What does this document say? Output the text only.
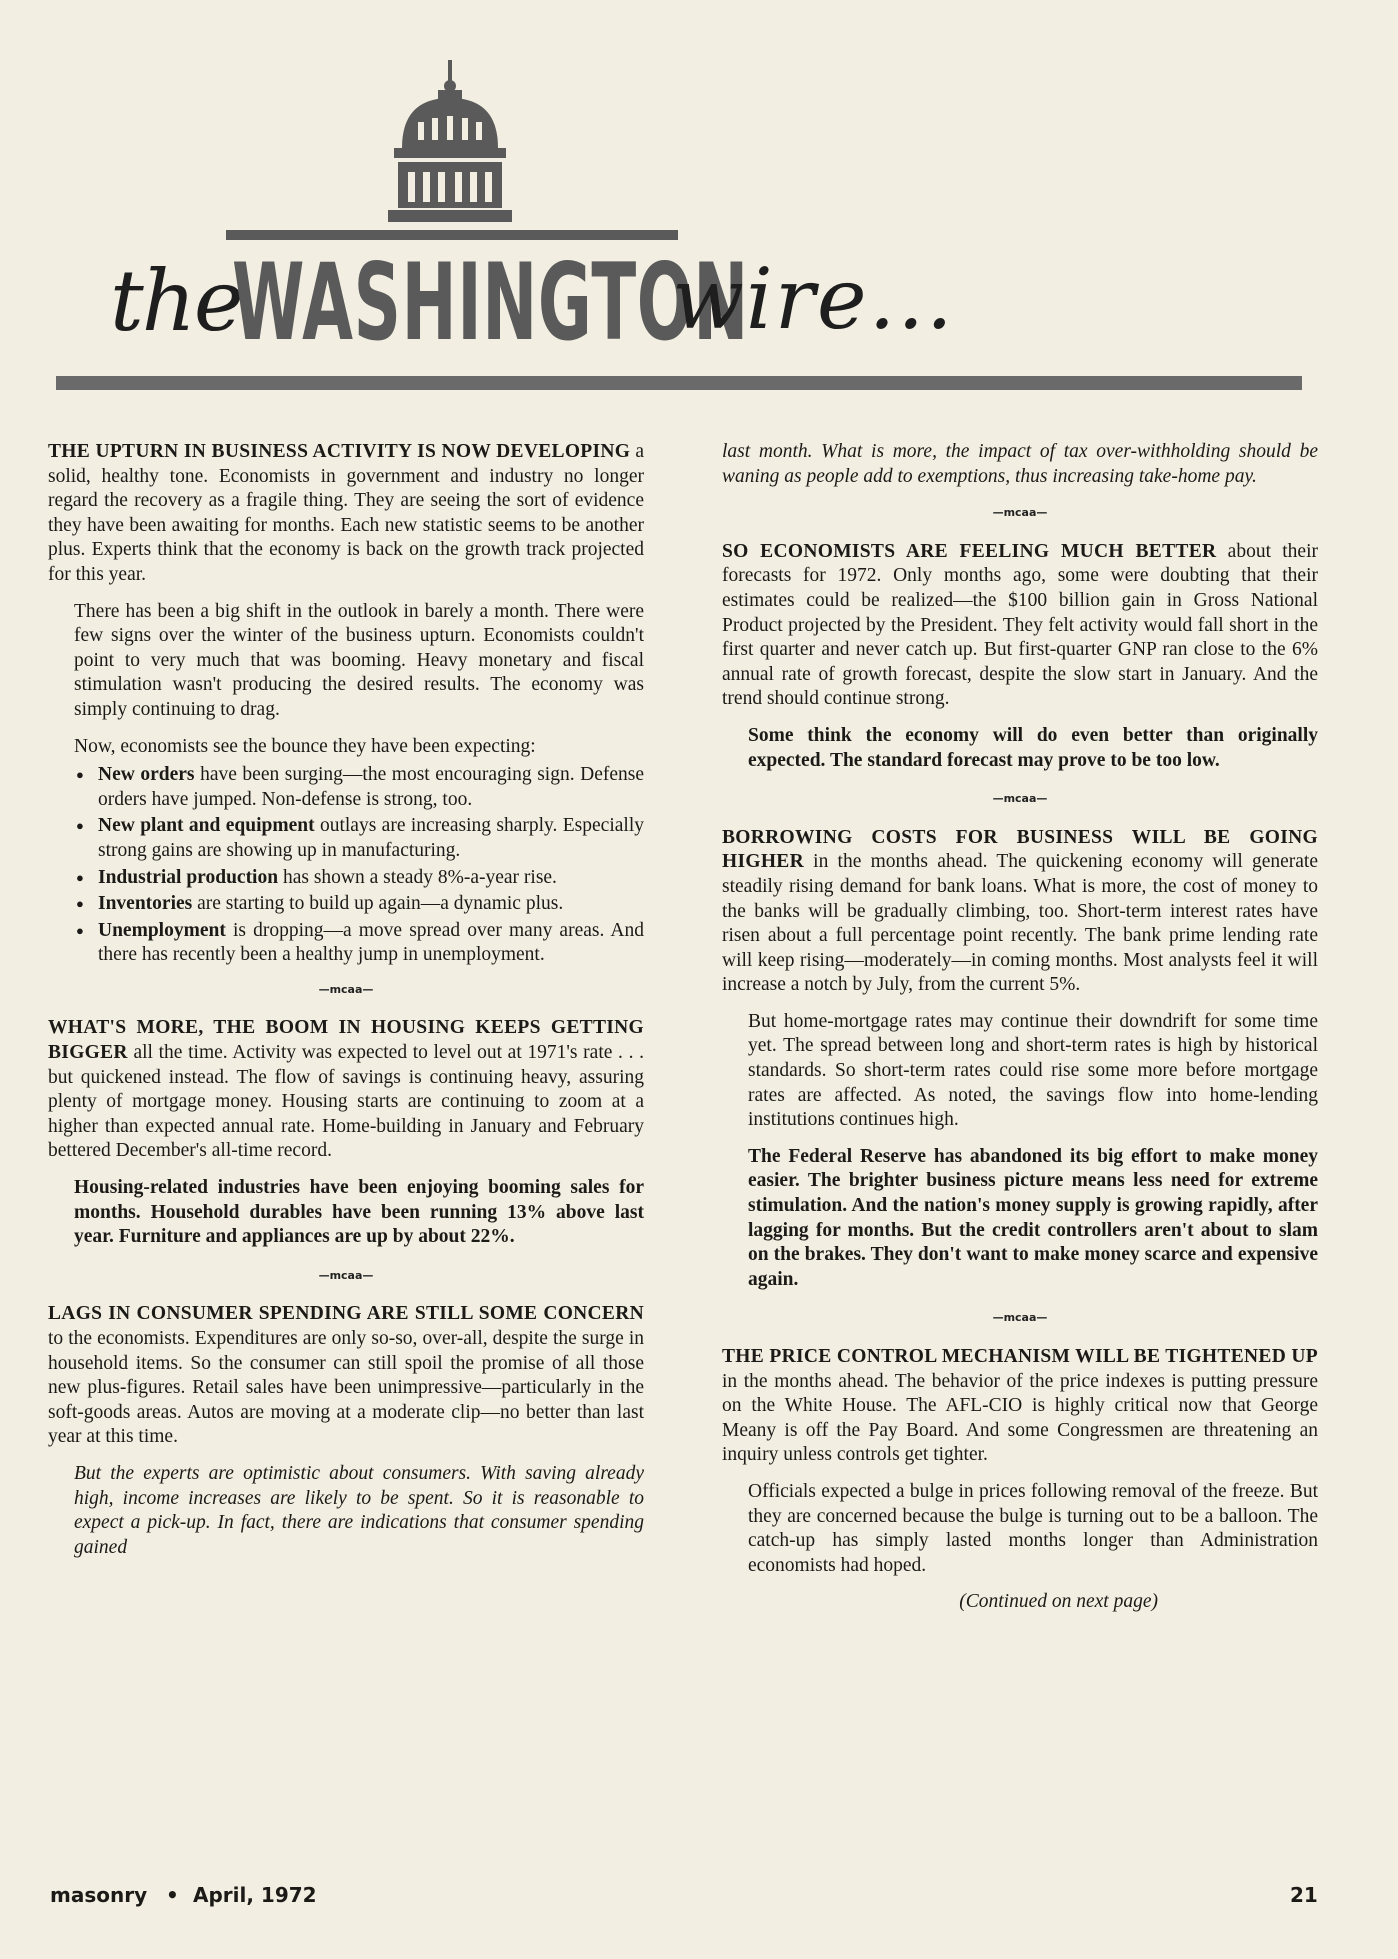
the
WASHINGTON
wire...

THE UPTURN IN BUSINESS ACTIVITY IS NOW DEVELOPING a solid, healthy tone. Economists in government and industry no longer regard the recovery as a fragile thing. They are seeing the sort of evidence they have been awaiting for months. Each new statistic seems to be another plus. Experts think that the economy is back on the growth track projected for this year.

There has been a big shift in the outlook in barely a month. There were few signs over the winter of the business upturn. Economists couldn't point to very much that was booming. Heavy monetary and fiscal stimulation wasn't producing the desired results. The economy was simply continuing to drag.

Now, economists see the bounce they have been expecting:

● New orders have been surging—the most encouraging sign. Defense orders have jumped. Non-defense is strong, too.
● New plant and equipment outlays are increasing sharply. Especially strong gains are showing up in manufacturing.
● Industrial production has shown a steady 8%-a-year rise.
● Inventories are starting to build up again—a dynamic plus.
● Unemployment is dropping—a move spread over many areas. And there has recently been a healthy jump in unemployment.
—mcaa—

WHAT'S MORE, THE BOOM IN HOUSING KEEPS GETTING BIGGER all the time. Activity was expected to level out at 1971's rate . . . but quickened instead. The flow of savings is continuing heavy, assuring plenty of mortgage money. Housing starts are continuing to zoom at a higher than expected annual rate. Home-building in January and February bettered December's all-time record.

Housing-related industries have been enjoying booming sales for months. Household durables have been running 13% above last year. Furniture and appliances are up by about 22%.

—mcaa—

LAGS IN CONSUMER SPENDING ARE STILL SOME CONCERN to the economists. Expenditures are only so-so, over-all, despite the surge in household items. So the consumer can still spoil the promise of all those new plus-figures. Retail sales have been unimpressive—particularly in the soft-goods areas. Autos are moving at a moderate clip—no better than last year at this time.

But the experts are optimistic about consumers. With saving already high, income increases are likely to be spent. So it is reasonable to expect a pick-up. In fact, there are indications that consumer spending gained

last month. What is more, the impact of tax over-withholding should be waning as people add to exemptions, thus increasing take-home pay.

—mcaa—

SO ECONOMISTS ARE FEELING MUCH BETTER about their forecasts for 1972. Only months ago, some were doubting that their estimates could be realized—the $100 billion gain in Gross National Product projected by the President. They felt activity would fall short in the first quarter and never catch up. But first-quarter GNP ran close to the 6% annual rate of growth forecast, despite the slow start in January. And the trend should continue strong.

Some think the economy will do even better than originally expected. The standard forecast may prove to be too low.

—mcaa—

BORROWING COSTS FOR BUSINESS WILL BE GOING HIGHER in the months ahead. The quickening economy will generate steadily rising demand for bank loans. What is more, the cost of money to the banks will be gradually climbing, too. Short-term interest rates have risen about a full percentage point recently. The bank prime lending rate will keep rising—moderately—in coming months. Most analysts feel it will increase a notch by July, from the current 5%.

But home-mortgage rates may continue their downdrift for some time yet. The spread between long and short-term rates is high by historical standards. So short-term rates could rise some more before mortgage rates are affected. As noted, the savings flow into home-lending institutions continues high.

The Federal Reserve has abandoned its big effort to make money easier. The brighter business picture means less need for extreme stimulation. And the nation's money supply is growing rapidly, after lagging for months. But the credit controllers aren't about to slam on the brakes. They don't want to make money scarce and expensive again.

—mcaa—

THE PRICE CONTROL MECHANISM WILL BE TIGHTENED UP in the months ahead. The behavior of the price indexes is putting pressure on the White House. The AFL-CIO is highly critical now that George Meany is off the Pay Board. And some Congressmen are threatening an inquiry unless controls get tighter.

Officials expected a bulge in prices following removal of the freeze. But they are concerned because the bulge is turning out to be a balloon. The catch-up has simply lasted months longer than Administration economists had hoped.

(Continued on next page)
masonry • April, 1972	21
